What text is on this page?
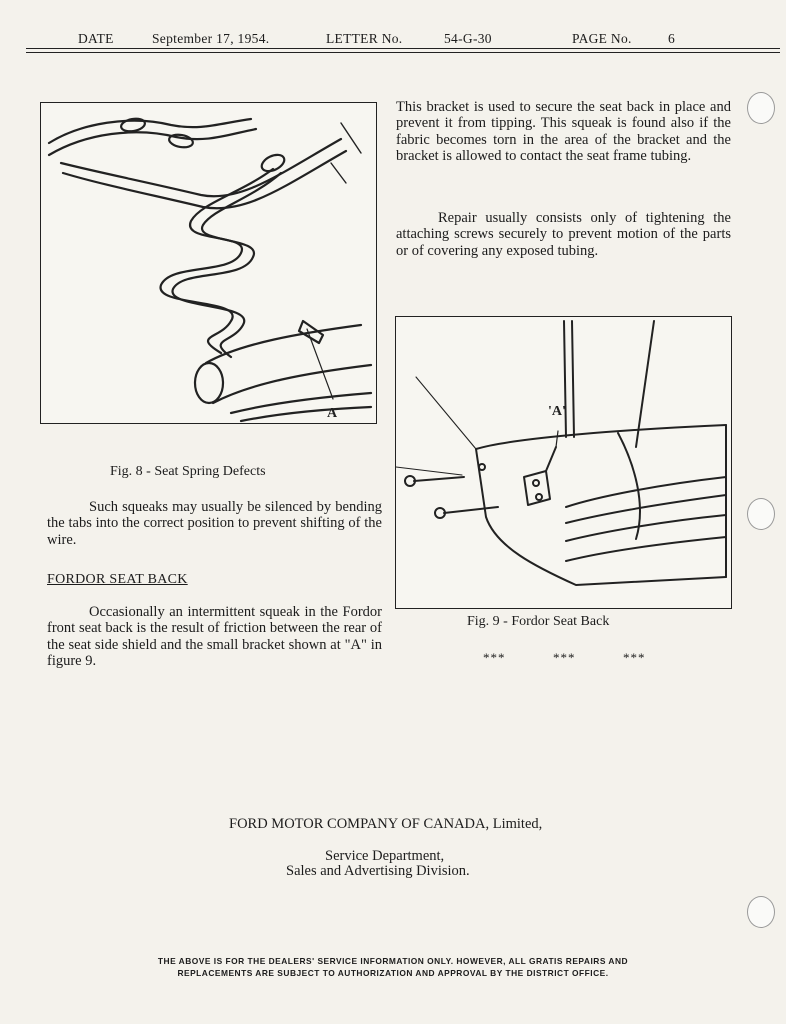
DATE	September 17, 1954.	LETTER No.	54-G-30	PAGE No.	6
A
Fig. 8 - Seat Spring Defects

Such squeaks may usually be silenced by bending the tabs into the correct position to prevent shifting of the wire.

FORDOR SEAT BACK

Occasionally an intermittent squeak in the Fordor front seat back is the result of friction between the rear of the seat side shield and the small bracket shown at "A" in figure 9.

This bracket is used to secure the seat back in place and prevent it from tipping. This squeak is found also if the fabric becomes torn in the area of the bracket and the bracket is allowed to contact the seat frame tubing.

Repair usually consists only of tightening the attaching screws securely to prevent motion of the parts or of covering any exposed tubing.

'A'
Fig. 9 - Fordor Seat Back
***	***	***
FORD MOTOR COMPANY OF CANADA, Limited,
Service Department,
Sales and Advertising Division.
THE ABOVE IS FOR THE DEALERS' SERVICE INFORMATION ONLY. HOWEVER, ALL GRATIS REPAIRS AND
REPLACEMENTS ARE SUBJECT TO AUTHORIZATION AND APPROVAL BY THE DISTRICT OFFICE.
